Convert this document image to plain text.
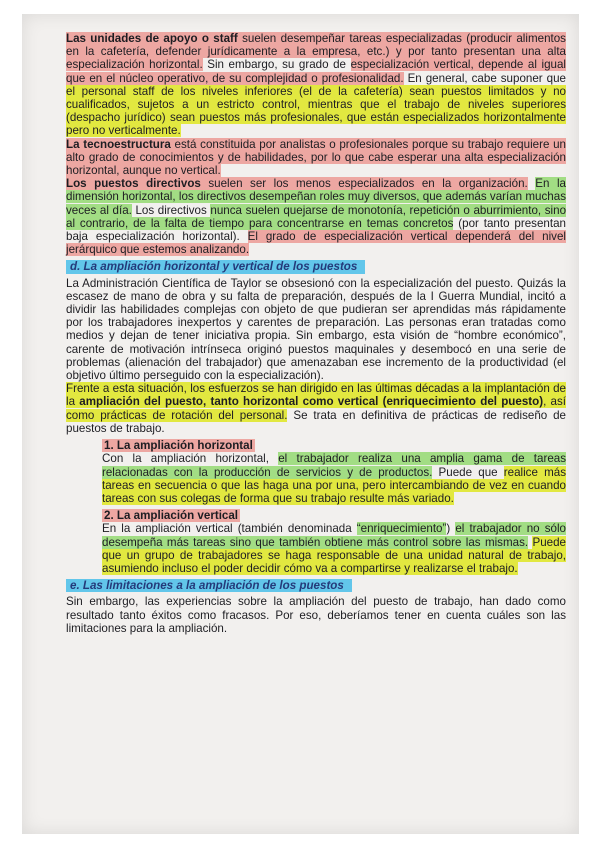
Las unidades de apoyo o staff suelen desempeñar tareas especializadas (producir alimentos en la cafetería, defender jurídicamente a la empresa, etc.) y por tanto presentan una alta especialización horizontal. Sin embargo, su grado de especialización vertical, depende al igual que en el núcleo operativo, de su complejidad o profesionalidad. En general, cabe suponer que el personal staff de los niveles inferiores (el de la cafetería) sean puestos limitados y no cualificados, sujetos a un estricto control, mientras que el trabajo de niveles superiores (despacho jurídico) sean puestos más profesionales, que están especializados horizontalmente pero no verticalmente.

La tecnoestructura está constituida por analistas o profesionales porque su trabajo requiere un alto grado de conocimientos y de habilidades, por lo que cabe esperar una alta especialización horizontal, aunque no vertical.

Los puestos directivos suelen ser los menos especializados en la organización. En la dimensión horizontal, los directivos desempeñan roles muy diversos, que además varían muchas veces al día. Los directivos nunca suelen quejarse de monotonía, repetición o aburrimiento, sino al contrario, de la falta de tiempo para concentrarse en temas concretos (por tanto presentan baja especialización horizontal). El grado de especialización vertical dependerá del nivel jerárquico que estemos analizando.

d. La ampliación horizontal y vertical de los puestos

La Administración Científica de Taylor se obsesionó con la especialización del puesto. Quizás la escasez de mano de obra y su falta de preparación, después de la I Guerra Mundial, incitó a dividir las habilidades complejas con objeto de que pudieran ser aprendidas más rápidamente por los trabajadores inexpertos y carentes de preparación. Las personas eran tratadas como medios y dejan de tener iniciativa propia. Sin embargo, esta visión de “hombre económico”, carente de motivación intrínseca originó puestos maquinales y desembocó en una serie de problemas (alienación del trabajador) que amenazaban ese incremento de la productividad (el objetivo último perseguido con la especialización).

Frente a esta situación, los esfuerzos se han dirigido en las últimas décadas a la implantación de la ampliación del puesto, tanto horizontal como vertical (enriquecimiento del puesto), así como prácticas de rotación del personal. Se trata en definitiva de prácticas de rediseño de puestos de trabajo.

1. La ampliación horizontal

Con la ampliación horizontal, el trabajador realiza una amplia gama de tareas relacionadas con la producción de servicios y de productos. Puede que realice más tareas en secuencia o que las haga una por una, pero intercambiando de vez en cuando tareas con sus colegas de forma que su trabajo resulte más variado.

2. La ampliación vertical

En la ampliación vertical (también denominada “enriquecimiento”) el trabajador no sólo desempeña más tareas sino que también obtiene más control sobre las mismas. Puede que un grupo de trabajadores se haga responsable de una unidad natural de trabajo, asumiendo incluso el poder decidir cómo va a compartirse y realizarse el trabajo.

e. Las limitaciones a la ampliación de los puestos

Sin embargo, las experiencias sobre la ampliación del puesto de trabajo, han dado como resultado tanto éxitos como fracasos. Por eso, deberíamos tener en cuenta cuáles son las limitaciones para la ampliación.
